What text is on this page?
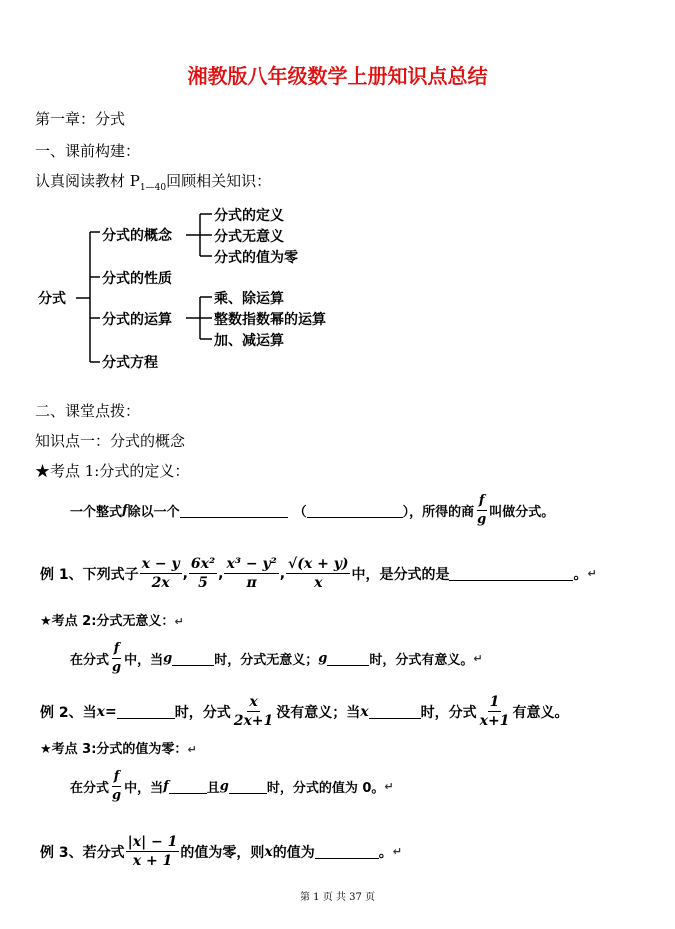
湘教版八年级数学上册知识点总结
第一章：分式
一、课前构建：
认真阅读教材 $P_{1—40}$回顾相关知识：
分式
分式的概念
分式的性质
分式的运算
分式方程
分式的定义
分式无意义
分式的值为零
乘、除运算
整数指数幂的运算
加、减运算
二、课堂点拨：
知识点一：分式的概念
★考点 1:分式的定义：
一个整式 f 除以一个	（	），所得的商 $\frac{f}{g}$ 叫做分式。
例 1、下列式子 $\frac{x - y}{2x}$ , $\frac{\text{6x²}}{5}$ , $\frac{\text{x³ − y²}}{\pi}$ , $\frac{√(x + y)}{x}$ 中，是分式的是	。 ↵
★考点 2:分式无意义：↵
在分式 $\frac{f}{g}$ 中，当 g	时，分式无意义； g	时，分式有意义。 ↵
例 2、当 x =	时，分式 $\frac{x}{2x+1}$ 没有意义；当 x	时，分式 $\frac{1}{x+1}$ 有意义。
★考点 3:分式的值为零：↵
在分式 $\frac{f}{g}$ 中，当 f	且 g	时，分式的值为 0。 ↵
例 3、若分式 $\frac{|x| - 1}{x + 1}$ 的值为零，则 x 的值为	。 ↵
第 1 页 共 37 页
